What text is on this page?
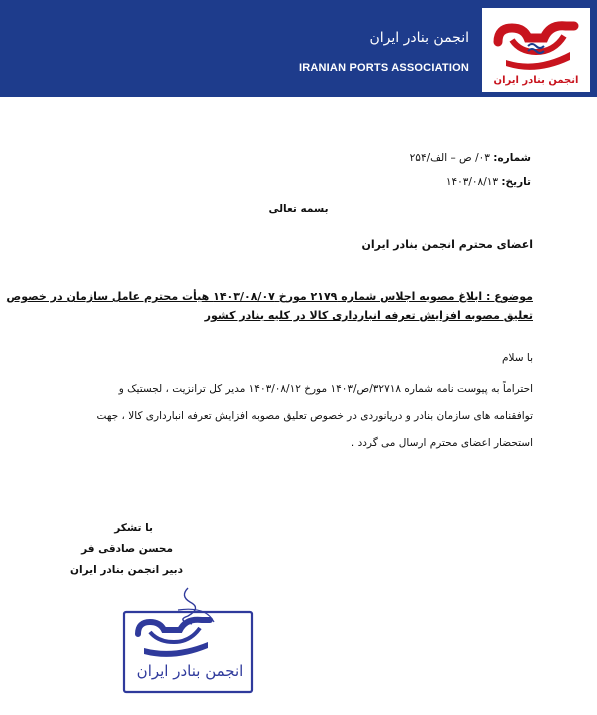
انجمن بنادر ایران
IRANIAN PORTS ASSOCIATION
انجمن بنادر ایران
شماره: ۰۳/ ص – الف/۲۵۴
تاریخ: ۱۴۰۳/۰۸/۱۳
بسمه تعالی
اعضای محترم انجمن بنادر ایران
موضوع : ابلاغ مصوبه اجلاس شماره ۲۱۷۹ مورخ ۱۴۰۳/۰۸/۰۷ هیأت محترم عامل سازمان در خصوص
تعلیق مصوبه افزایش تعرفه انبارداری کالا در کلیه بنادر کشور
با سلام
احتراماً به پیوست نامه شماره ۳۲۷۱۸/ص/۱۴۰۳ مورخ ۱۴۰۳/۰۸/۱۲ مدیر کل ترانزیت ، لجستیک و
توافقنامه های سازمان بنادر و دریانوردی در خصوص تعلیق مصوبه افزایش تعرفه انبارداری کالا ، جهت
استحضار اعضای محترم ارسال می گردد .
با تشکر
محسن صادقی فر
دبیر انجمن بنادر ایران
انجمن بنادر ایران
